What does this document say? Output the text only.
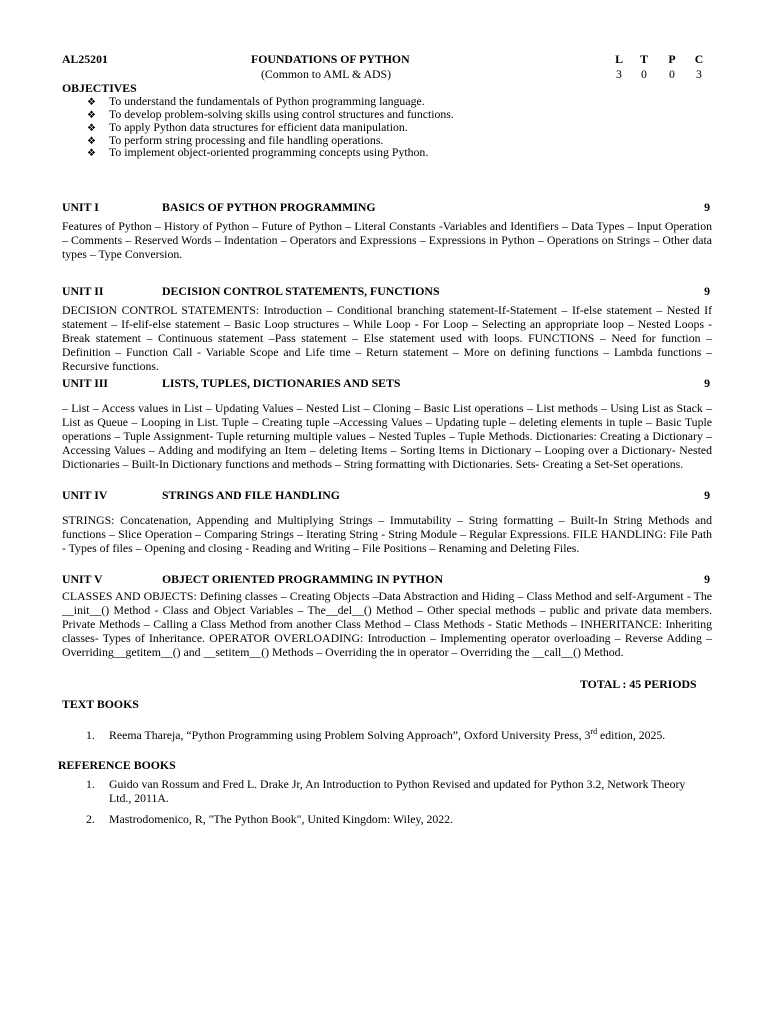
AL25201	FOUNDATIONS OF PYTHON
(Common to AML & ADS)
L T P C
3	0	0	3
OBJECTIVES
❖ To understand the fundamentals of Python programming language.
❖ To develop problem-solving skills using control structures and functions.
❖ To apply Python data structures for efficient data manipulation.
❖ To perform string processing and file handling operations.
❖ To implement object-oriented programming concepts using Python.
UNIT I	BASICS OF PYTHON PROGRAMMING	9
Features of Python – History of Python – Future of Python – Literal Constants -Variables and Identifiers – Data Types – Input Operation – Comments – Reserved Words – Indentation – Operators and Expressions – Expressions in Python – Operations on Strings – Other data types – Type Conversion.
UNIT II	DECISION CONTROL STATEMENTS, FUNCTIONS	9
DECISION CONTROL STATEMENTS: Introduction – Conditional branching statement-If-Statement – If-else statement – Nested If statement – If-elif-else statement – Basic Loop structures – While Loop - For Loop – Selecting an appropriate loop – Nested Loops - Break statement – Continuous statement –Pass statement – Else statement used with loops. FUNCTIONS – Need for function – Definition – Function Call - Variable Scope and Life time – Return statement – More on defining functions – Lambda functions – Recursive functions.
UNIT III	LISTS, TUPLES, DICTIONARIES AND SETS	9
– List – Access values in List – Updating Values – Nested List – Cloning – Basic List operations – List methods – Using List as Stack – List as Queue – Looping in List. Tuple – Creating tuple –Accessing Values – Updating tuple – deleting elements in tuple – Basic Tuple operations – Tuple Assignment- Tuple returning multiple values – Nested Tuples – Tuple Methods. Dictionaries: Creating a Dictionary – Accessing Values – Adding and modifying an Item – deleting Items – Sorting Items in Dictionary – Looping over a Dictionary- Nested Dictionaries – Built-In Dictionary functions and methods – String formatting with Dictionaries. Sets- Creating a Set-Set operations.
UNIT IV	STRINGS AND FILE HANDLING	9
STRINGS: Concatenation, Appending and Multiplying Strings – Immutability – String formatting – Built-In String Methods and functions – Slice Operation – Comparing Strings – Iterating String - String Module – Regular Expressions. FILE HANDLING: File Path - Types of files – Opening and closing - Reading and Writing – File Positions – Renaming and Deleting Files.
UNIT V	OBJECT ORIENTED PROGRAMMING IN PYTHON	9
CLASSES AND OBJECTS: Defining classes – Creating Objects –Data Abstraction and Hiding – Class Method and self-Argument - The __init__() Method - Class and Object Variables – The__del__() Method – Other special methods – public and private data members. Private Methods – Calling a Class Method from another Class Method – Class Methods - Static Methods – INHERITANCE: Inheriting classes- Types of Inheritance. OPERATOR OVERLOADING: Introduction – Implementing operator overloading – Reverse Adding – Overriding__getitem__() and __setitem__() Methods – Overriding the in operator – Overriding the __call__() Method.
TOTAL : 45 PERIODS
TEXT BOOKS
1. Reema Thareja, “Python Programming using Problem Solving Approach”, Oxford University Press, 3rd edition, 2025.
REFERENCE BOOKS
1. Guido van Rossum and Fred L. Drake Jr, An Introduction to Python Revised and updated for Python 3.2, Network Theory Ltd., 2011A.
2. Mastrodomenico, R, "The Python Book", United Kingdom: Wiley, 2022.
